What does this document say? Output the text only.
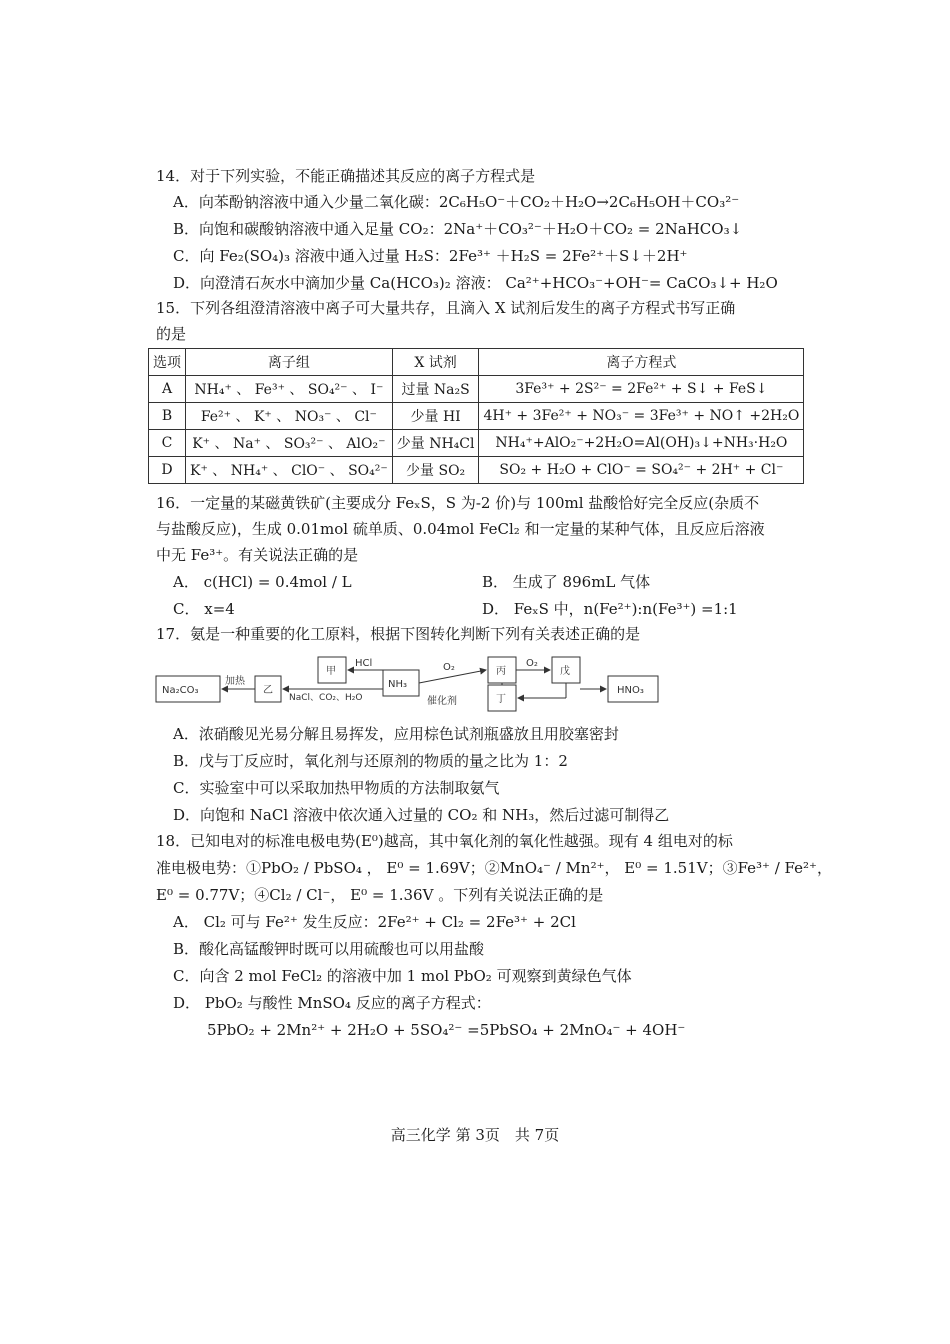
14．对于下列实验，不能正确描述其反应的离子方程式是
A．向苯酚钠溶液中通入少量二氧化碳：2C₆H₅O⁻＋CO₂＋H₂O→2C₆H₅OH＋CO₃²⁻
B．向饱和碳酸钠溶液中通入足量 CO₂：2Na⁺＋CO₃²⁻＋H₂O＋CO₂ = 2NaHCO₃↓
C．向 Fe₂(SO₄)₃ 溶液中通入过量 H₂S：2Fe³⁺ ＋H₂S = 2Fe²⁺＋S↓＋2H⁺
D．向澄清石灰水中滴加少量 Ca(HCO₃)₂ 溶液： Ca²⁺+HCO₃⁻+OH⁻= CaCO₃↓+ H₂O
15．下列各组澄清溶液中离子可大量共存，且滴入 X 试剂后发生的离子方程式书写正确
的是
选项	离子组	X 试剂	离子方程式
A	NH₄⁺ 、 Fe³⁺ 、 SO₄²⁻ 、 I⁻	过量 Na₂S	3Fe³⁺ + 2S²⁻ = 2Fe²⁺ + S↓ + FeS↓
B	Fe²⁺ 、 K⁺ 、 NO₃⁻ 、 Cl⁻	少量 HI	4H⁺ + 3Fe²⁺ + NO₃⁻ = 3Fe³⁺ + NO↑ +2H₂O
C	K⁺ 、 Na⁺ 、 SO₃²⁻ 、 AlO₂⁻	少量 NH₄Cl	NH₄⁺+AlO₂⁻+2H₂O=Al(OH)₃↓+NH₃·H₂O
D	K⁺ 、 NH₄⁺ 、 ClO⁻ 、 SO₄²⁻	少量 SO₂	SO₂ + H₂O + ClO⁻ = SO₄²⁻ + 2H⁺ + Cl⁻
16．一定量的某磁黄铁矿(主要成分 FeₓS，S 为-2 价)与 100ml 盐酸恰好完全反应(杂质不
与盐酸反应)，生成 0.01mol 硫单质、0.04mol FeCl₂ 和一定量的某种气体，且反应后溶液
中无 Fe³⁺。有关说法正确的是
A． c(HCl) = 0.4mol / L	B． 生成了 896mL 气体
C． x=4	D． FeₓS 中，n(Fe²⁺):n(Fe³⁺) =1:1
17．氨是一种重要的化工原料，根据下图转化判断下列有关表述正确的是
Na₂CO₃
加热
乙
NaCl、CO₂、H₂O
甲
HCl
NH₃
O₂
催化剂
丙
丁
O₂
戊
HNO₃
A．浓硝酸见光易分解且易挥发，应用棕色试剂瓶盛放且用胶塞密封
B．戊与丁反应时，氧化剂与还原剂的物质的量之比为 1：2
C．实验室中可以采取加热甲物质的方法制取氨气
D．向饱和 NaCl 溶液中依次通入过量的 CO₂ 和 NH₃，然后过滤可制得乙
18．已知电对的标准电极电势(E⁰)越高，其中氧化剂的氧化性越强。现有 4 组电对的标
准电极电势：①PbO₂ / PbSO₄ ， E⁰ = 1.69V；②MnO₄⁻ / Mn²⁺， E⁰ = 1.51V；③Fe³⁺ / Fe²⁺，
E⁰ = 0.77V；④Cl₂ / Cl⁻， E⁰ = 1.36V 。下列有关说法正确的是
A． Cl₂ 可与 Fe²⁺ 发生反应：2Fe²⁺ + Cl₂ = 2Fe³⁺ + 2Cl
B．酸化高锰酸钾时既可以用硫酸也可以用盐酸
C．向含 2 mol FeCl₂ 的溶液中加 1 mol PbO₂ 可观察到黄绿色气体
D． PbO₂ 与酸性 MnSO₄ 反应的离子方程式：
5PbO₂ + 2Mn²⁺ + 2H₂O + 5SO₄²⁻ =5PbSO₄ + 2MnO₄⁻ + 4OH⁻
高三化学 第 3页　共 7页
